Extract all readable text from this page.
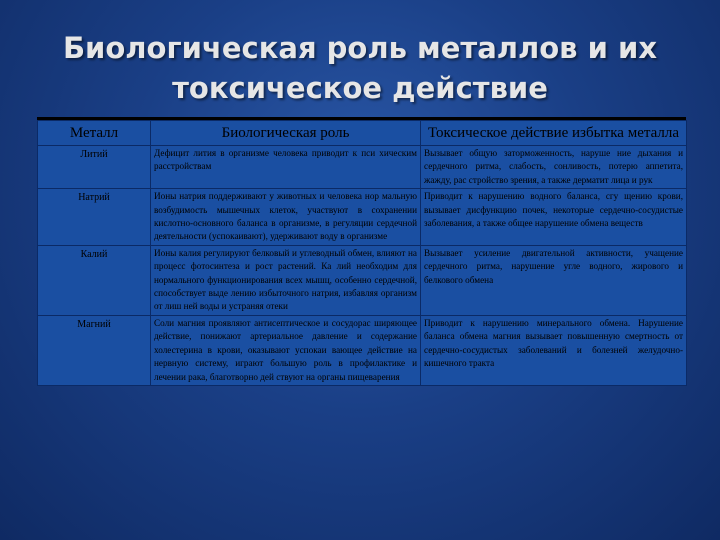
Биологическая роль металлов и их
токсическое действие
Металл	Биологическая роль	Токсическое действие избытка металла
Литий	Дефицит лития в организме человека приводит к пси хическим расстройствам	Вызывает общую заторможенность, наруше ние дыхания и сердечного ритма, слабость, сонливость, потерю аппетита, жажду, рас стройство зрения, а также дерматит лица и рук
Натрий	Ионы натрия поддерживают у животных и человека нор мальную возбудимость мышечных клеток, участвуют в сохранении кислотно-основного баланса в организме, в регуляции сердечной деятельности (успокаивают), удерживают воду в организме	Приводит к нарушению водного баланса, сгу щению крови, вызывает дисфункцию почек, некоторые сердечно-сосудистые заболевания, а также общее нарушение обмена веществ
Калий	Ионы калия регулируют белковый и углеводный обмен, влияют на процесс фотосинтеза и рост растений. Ка лий необходим для нормального функционирования всех мышц, особенно сердечной, способствует выде лению избыточного натрия, избавляя организм от лиш ней воды и устраняя отеки	Вызывает усиление двигательной активности, учащение сердечного ритма, нарушение угле водного, жирового и белкового обмена
Магний	Соли магния проявляют антисептическое и сосудорас ширяющее действие, понижают артериальное давление и содержание холестерина в крови, оказывают успокаи вающее действие на нервную систему, играют большую роль в профилактике и лечении рака, благотворно дей ствуют на органы пищеварения	Приводит к нарушению минерального обмена. Нарушение баланса обмена магния вызывает повышенную смертность от сердечно-сосудистых заболеваний и болезней желудочно-кишечного тракта
